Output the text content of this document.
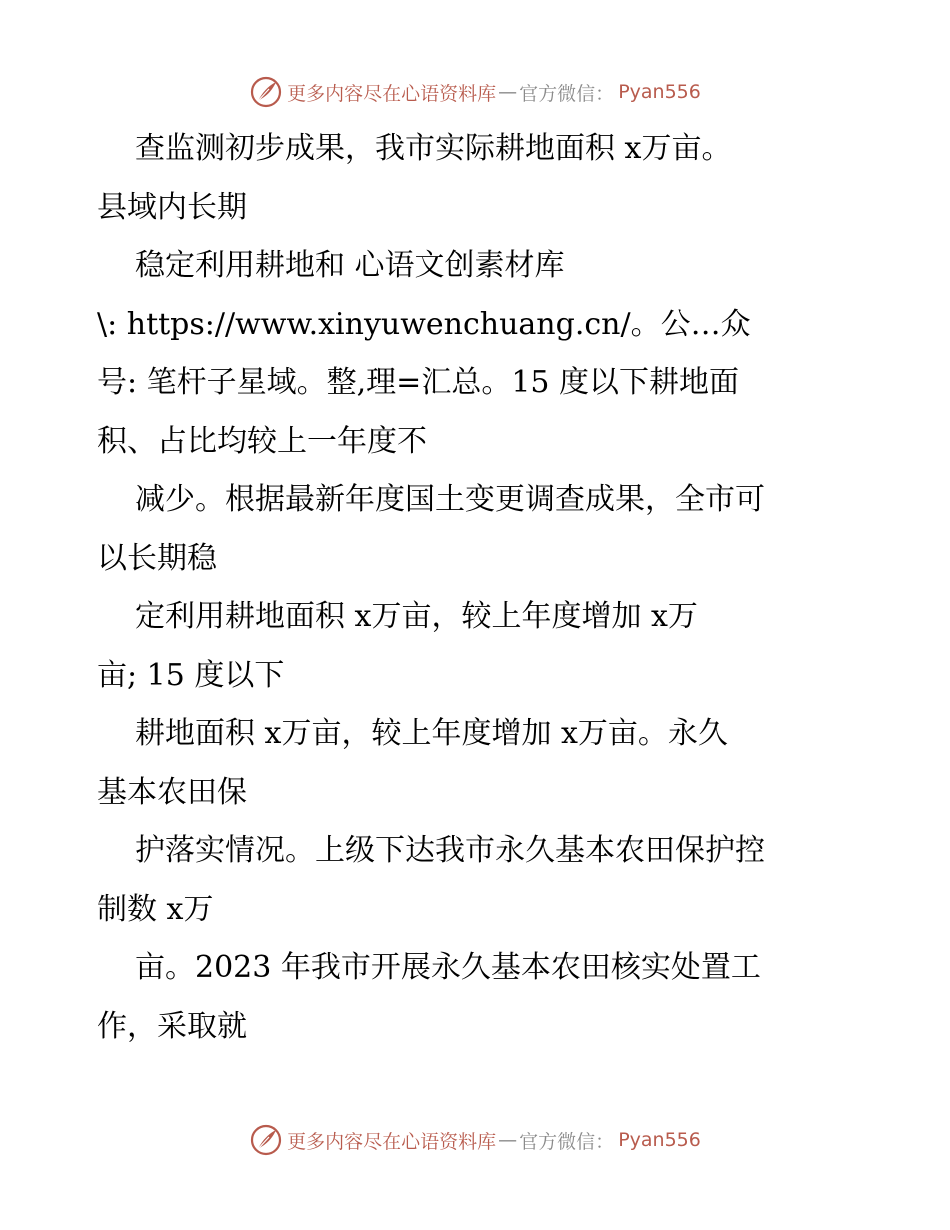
更多内容尽在心语资料库 — 官方微信： Pyan556
查监测初步成果，我市实际耕地面积 x万亩。
县域内长期
稳定利用耕地和 心语文创素材库
\: https://www.xinyuwenchuang.cn/。公…众
号: 笔杆子星域。整,理=汇总。15 度以下耕地面
积、占比均较上一年度不
减少。根据最新年度国土变更调查成果，全市可
以长期稳
定利用耕地面积 x万亩，较上年度增加 x万
亩; 15 度以下
耕地面积 x万亩，较上年度增加 x万亩。永久
基本农田保
护落实情况。上级下达我市永久基本农田保护控
制数 x万
亩。2023 年我市开展永久基本农田核实处置工
作，采取就
更多内容尽在心语资料库 — 官方微信： Pyan556
